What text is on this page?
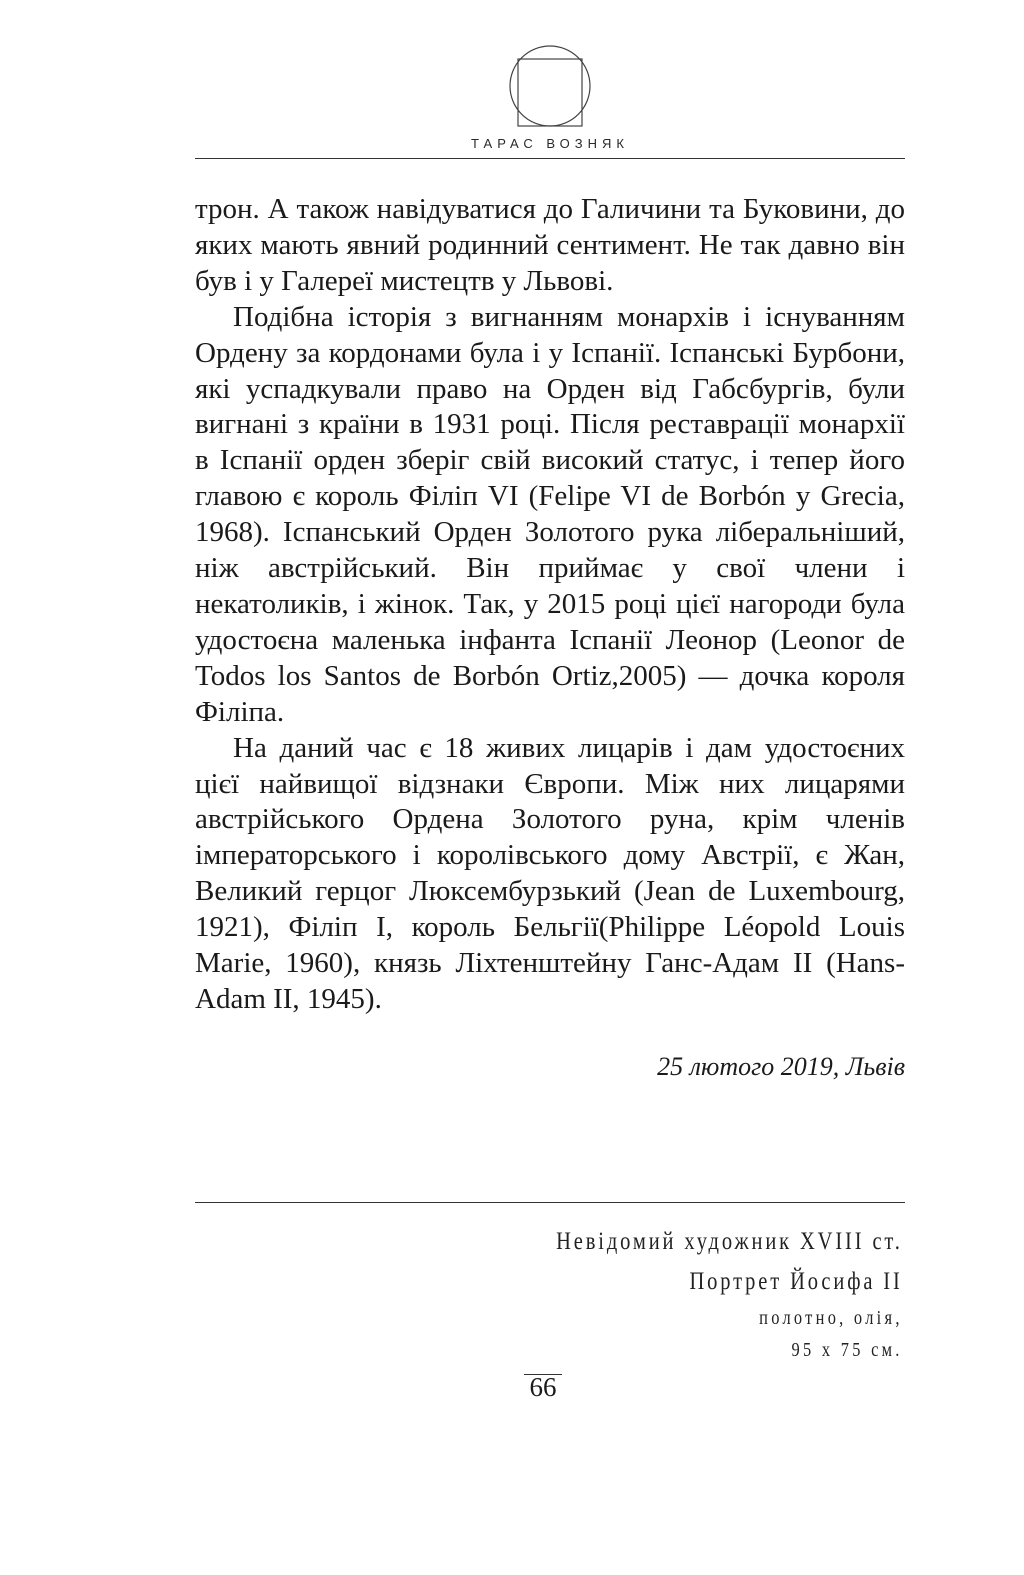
ТАРАС ВОЗНЯК

трон. А також навідуватися до Галичини та Буковини, до яких мають явний родинний сентимент. Не так давно він був і у Галереї мистецтв у Львові.

Подібна історія з вигнанням монархів і існуванням Ордену за кордонами була і у Іспанії. Іспанські Бурбони, які успадкували право на Орден від Габсбургів, були вигнані з країни в 1931 році. Після реставрації монархії в Іспанії орден зберіг свій високий статус, і тепер його главою є король Філіп VI (Felipe VI de Borbón y Grecia, 1968). Іспанський Орден Золотого рука ліберальніший, ніж австрійський. Він приймає у свої члени і некатоликів, і жінок. Так, у 2015 році цієї нагороди була удостоєна маленька інфанта Іспанії Леонор (Leonor de Todos los Santos de Borbón Ortiz,2005) — дочка короля Філіпа.

На даний час є 18 живих лицарів і дам удостоєних цієї найвищої відзнаки Європи. Між них лицарями австрійського Ордена Золотого руна, крім членів імператорського і королівського дому Австрії, є Жан, Великий герцог Люксембурзький (Jean de Luxembourg, 1921), Філіп I, король Бельгії(Philippe Léopold Louis Marie, 1960), князь Ліхтенштейну Ганс-Адам II (Hans-Adam II, 1945).

25 лютого 2019, Львів
Невідомий художник XVIII ст.
Портрет Йосифа II
полотно, олія,
95 х 75 см.
66
